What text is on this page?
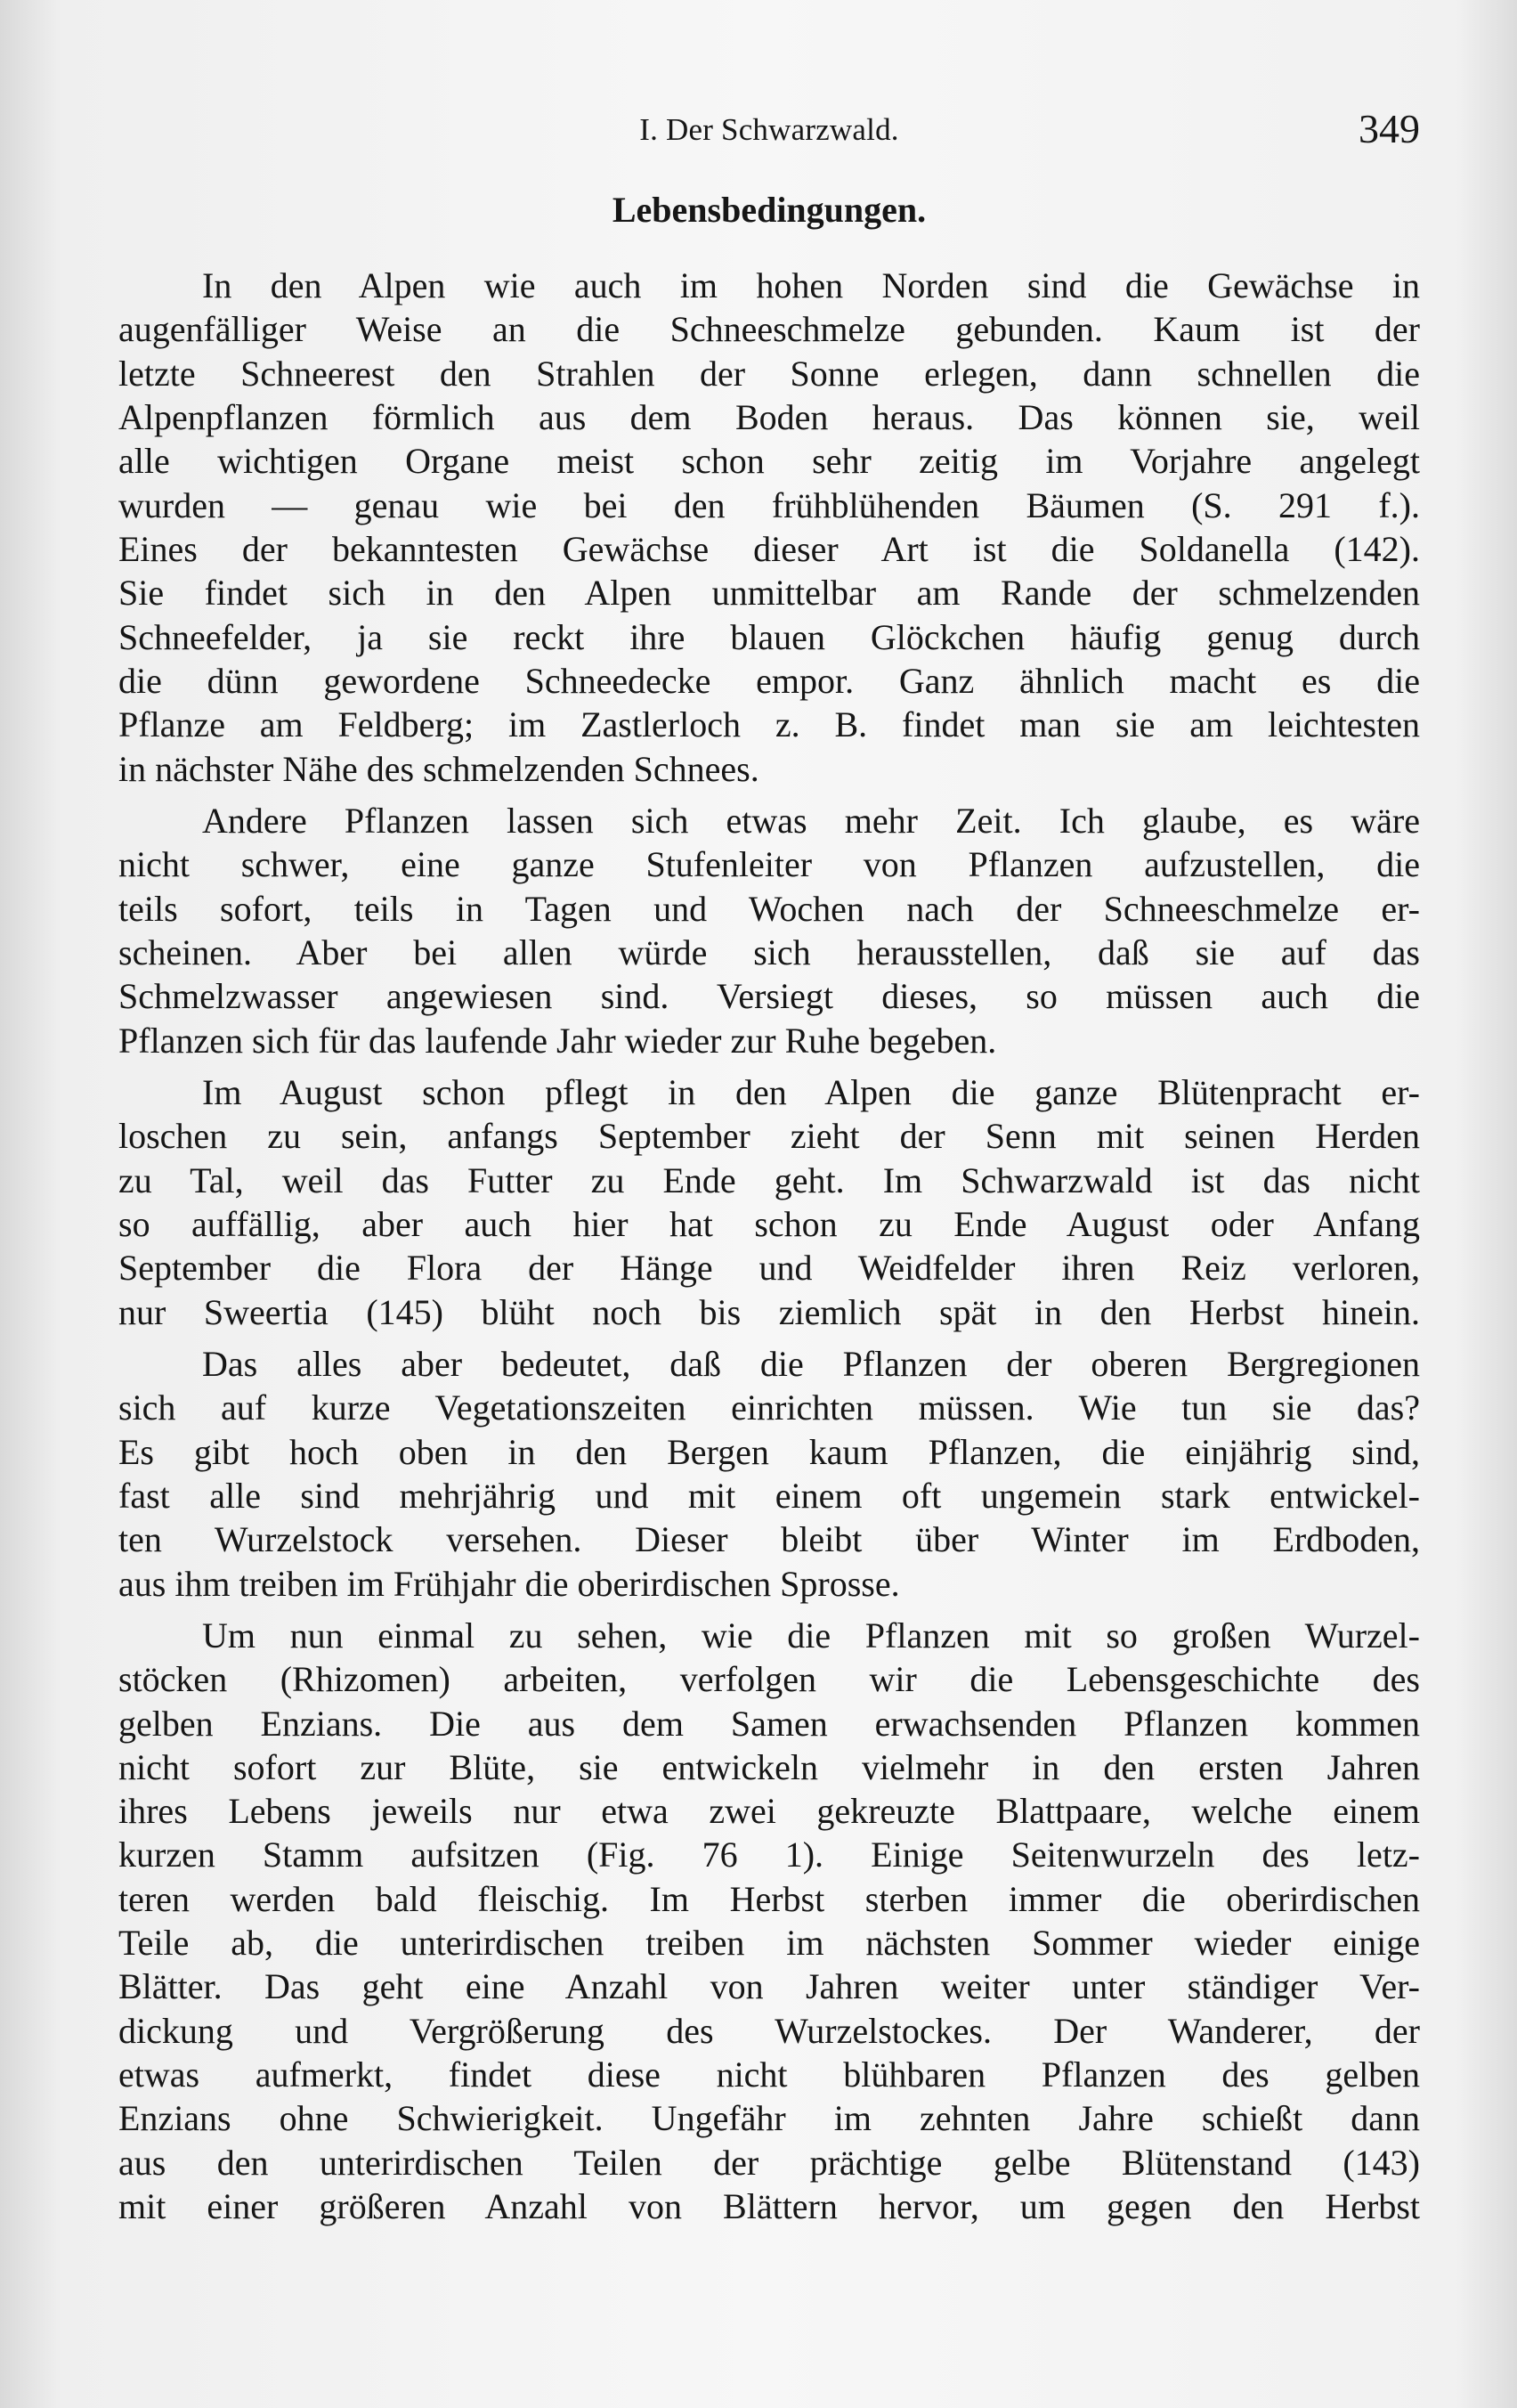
I. Der Schwarzwald.	349
Lebensbedingungen.
In den Alpen wie auch im hohen Norden sind die Gewächse in
augenfälliger Weise an die Schneeschmelze gebunden. Kaum ist der
letzte Schneerest den Strahlen der Sonne erlegen, dann schnellen die
Alpenpflanzen förmlich aus dem Boden heraus. Das können sie, weil
alle wichtigen Organe meist schon sehr zeitig im Vorjahre angelegt
wurden — genau wie bei den frühblühenden Bäumen (S. 291 f.).
Eines der bekanntesten Gewächse dieser Art ist die Soldanella (142).
Sie findet sich in den Alpen unmittelbar am Rande der schmelzenden
Schneefelder, ja sie reckt ihre blauen Glöckchen häufig genug durch
die dünn gewordene Schneedecke empor. Ganz ähnlich macht es die
Pflanze am Feldberg; im Zastlerloch z. B. findet man sie am leichtesten
in nächster Nähe des schmelzenden Schnees.
Andere Pflanzen lassen sich etwas mehr Zeit. Ich glaube, es wäre
nicht schwer, eine ganze Stufenleiter von Pflanzen aufzustellen, die
teils sofort, teils in Tagen und Wochen nach der Schneeschmelze er-
scheinen. Aber bei allen würde sich herausstellen, daß sie auf das
Schmelzwasser angewiesen sind. Versiegt dieses, so müssen auch die
Pflanzen sich für das laufende Jahr wieder zur Ruhe begeben.
Im August schon pflegt in den Alpen die ganze Blütenpracht er-
loschen zu sein, anfangs September zieht der Senn mit seinen Herden
zu Tal, weil das Futter zu Ende geht. Im Schwarzwald ist das nicht
so auffällig, aber auch hier hat schon zu Ende August oder Anfang
September die Flora der Hänge und Weidfelder ihren Reiz verloren,
nur Sweertia (145) blüht noch bis ziemlich spät in den Herbst hinein.
Das alles aber bedeutet, daß die Pflanzen der oberen Bergregionen
sich auf kurze Vegetationszeiten einrichten müssen. Wie tun sie das?
Es gibt hoch oben in den Bergen kaum Pflanzen, die einjährig sind,
fast alle sind mehrjährig und mit einem oft ungemein stark entwickel-
ten Wurzelstock versehen. Dieser bleibt über Winter im Erdboden,
aus ihm treiben im Frühjahr die oberirdischen Sprosse.
Um nun einmal zu sehen, wie die Pflanzen mit so großen Wurzel-
stöcken (Rhizomen) arbeiten, verfolgen wir die Lebensgeschichte des
gelben Enzians. Die aus dem Samen erwachsenden Pflanzen kommen
nicht sofort zur Blüte, sie entwickeln vielmehr in den ersten Jahren
ihres Lebens jeweils nur etwa zwei gekreuzte Blattpaare, welche einem
kurzen Stamm aufsitzen (Fig. 76 1). Einige Seitenwurzeln des letz-
teren werden bald fleischig. Im Herbst sterben immer die oberirdischen
Teile ab, die unterirdischen treiben im nächsten Sommer wieder einige
Blätter. Das geht eine Anzahl von Jahren weiter unter ständiger Ver-
dickung und Vergrößerung des Wurzelstockes. Der Wanderer, der
etwas aufmerkt, findet diese nicht blühbaren Pflanzen des gelben
Enzians ohne Schwierigkeit. Ungefähr im zehnten Jahre schießt dann
aus den unterirdischen Teilen der prächtige gelbe Blütenstand (143)
mit einer größeren Anzahl von Blättern hervor, um gegen den Herbst
